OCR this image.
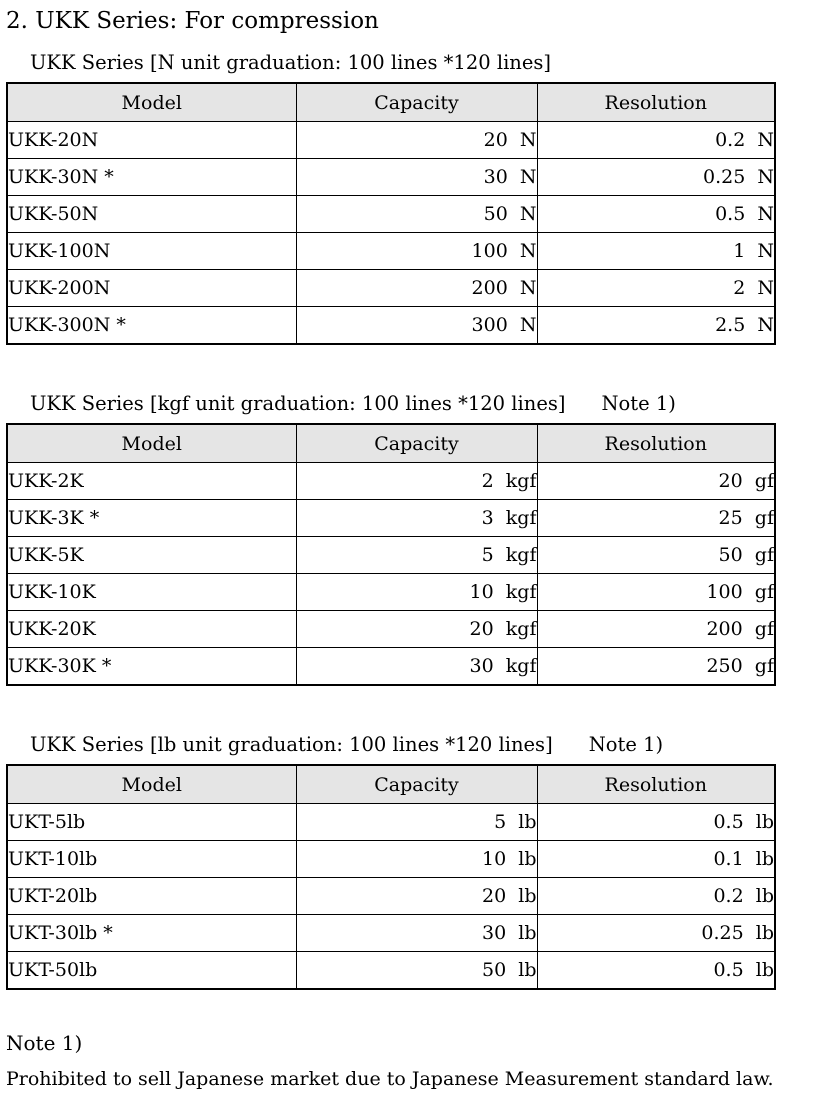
2. UKK Series: For compression
UKK Series [N unit graduation: 100 lines *120 lines]
Model	Capacity	Resolution
UKK-20N	20  N	0.2  N
UKK-30N *	30  N	0.25  N
UKK-50N	50  N	0.5  N
UKK-100N	100  N	1  N
UKK-200N	200  N	2  N
UKK-300N *	300  N	2.5  N
UKK Series [kgf unit graduation: 100 lines *120 lines] Note 1)
Model	Capacity	Resolution
UKK-2K	2  kgf	20  gf
UKK-3K *	3  kgf	25  gf
UKK-5K	5  kgf	50  gf
UKK-10K	10  kgf	100  gf
UKK-20K	20  kgf	200  gf
UKK-30K *	30  kgf	250  gf
UKK Series [lb unit graduation: 100 lines *120 lines] Note 1)
Model	Capacity	Resolution
UKT-5lb	5  lb	0.5  lb
UKT-10lb	10  lb	0.1  lb
UKT-20lb	20  lb	0.2  lb
UKT-30lb *	30  lb	0.25  lb
UKT-50lb	50  lb	0.5  lb
Note 1)
Prohibited to sell Japanese market due to Japanese Measurement standard law.
